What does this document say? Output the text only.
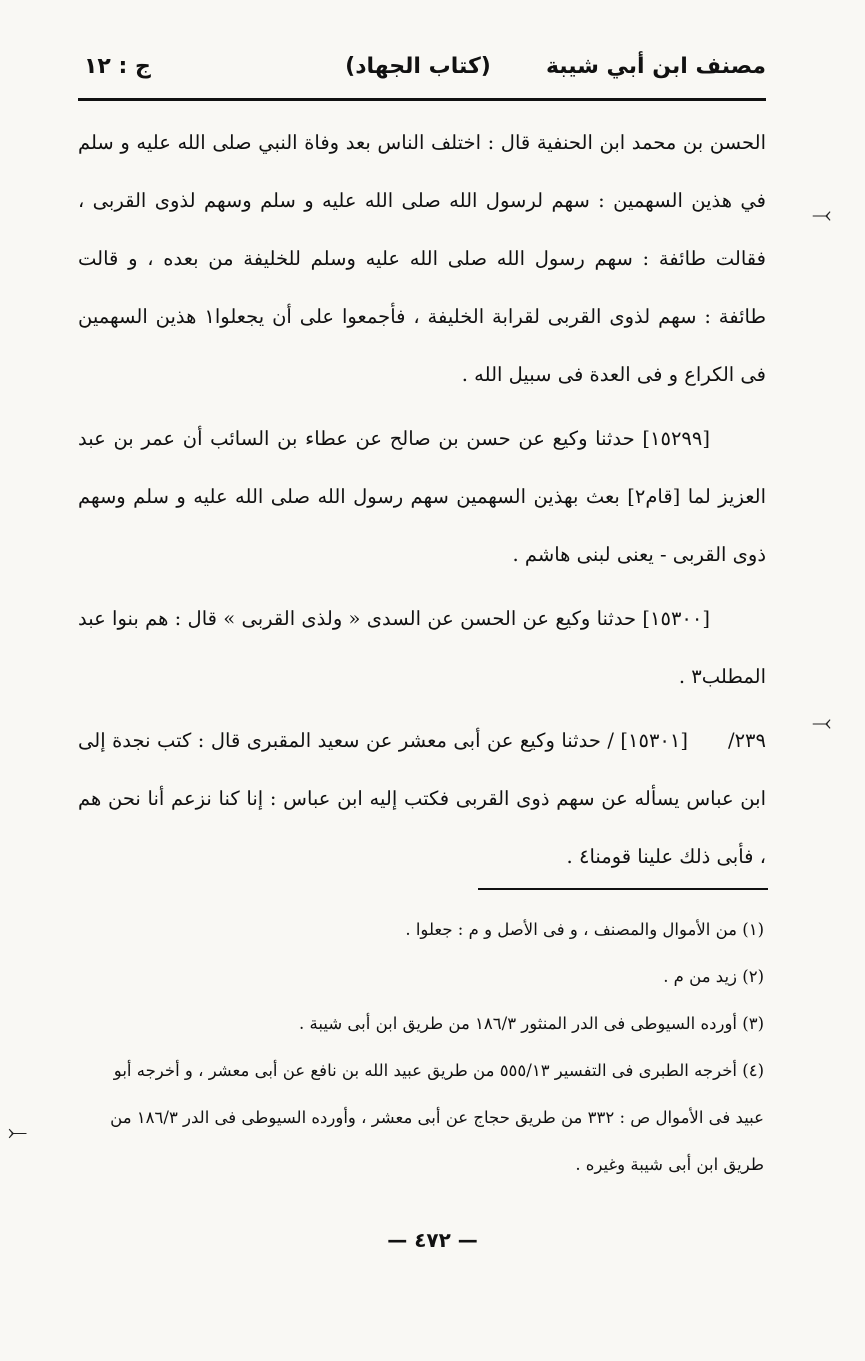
مصنف ابن أبي شيبة
(كتاب الجهاد)
ج : ١٢

الحسن بن محمد ابن الحنفية قال : اختلف الناس بعد وفاة النبي صلى الله عليه و سلم في هذين السهمين : سهم لرسول الله صلى الله عليه و سلم وسهم لذوى القربى ، فقالت طائفة : سهم رسول الله صلى الله عليه وسلم للخليفة من بعده ، و قالت طائفة : سهم لذوى القربى لقرابة الخليفة ، فأجمعوا على أن يجعلوا١ هذين السهمين فى الكراع و فى العدة فى سبيل الله .

[١٥٢٩٩] حدثنا وكيع عن حسن بن صالح عن عطاء بن السائب أن عمر بن عبد العزيز لما [قام٢] بعث بهذين السهمين سهم رسول الله صلى الله عليه و سلم وسهم ذوى القربى - يعنى لبنى هاشم .

[١٥٣٠٠] حدثنا وكيع عن الحسن عن السدى « ولذى القربى » قال : هم بنوا عبد المطلب٣ .

٢٣٩/[١٥٣٠١] / حدثنا وكيع عن أبى معشر عن سعيد المقبرى قال : كتب نجدة إلى ابن عباس يسأله عن سهم ذوى القربى فكتب إليه ابن عباس : إنا كنا نزعم أنا نحن هم ، فأبى ذلك علينا قومنا٤ .

(١) من الأموال والمصنف ، و فى الأصل و م : جعلوا .

(٢) زيد من م .

(٣) أورده السيوطى فى الدر المنثور ١٨٦/٣ من طريق ابن أبى شيبة .

(٤) أخرجه الطبرى فى التفسير ٥٥٥/١٣ من طريق عبيد الله بن نافع عن أبى معشر ، و أخرجه أبو عبيد فى الأموال ص : ٣٣٢ من طريق حجاج عن أبى معشر ، وأورده السيوطى فى الدر ١٨٦/٣ من طريق ابن أبى شيبة وغيره .

— ٤٧٢ —
⤙
⤙
⤚
